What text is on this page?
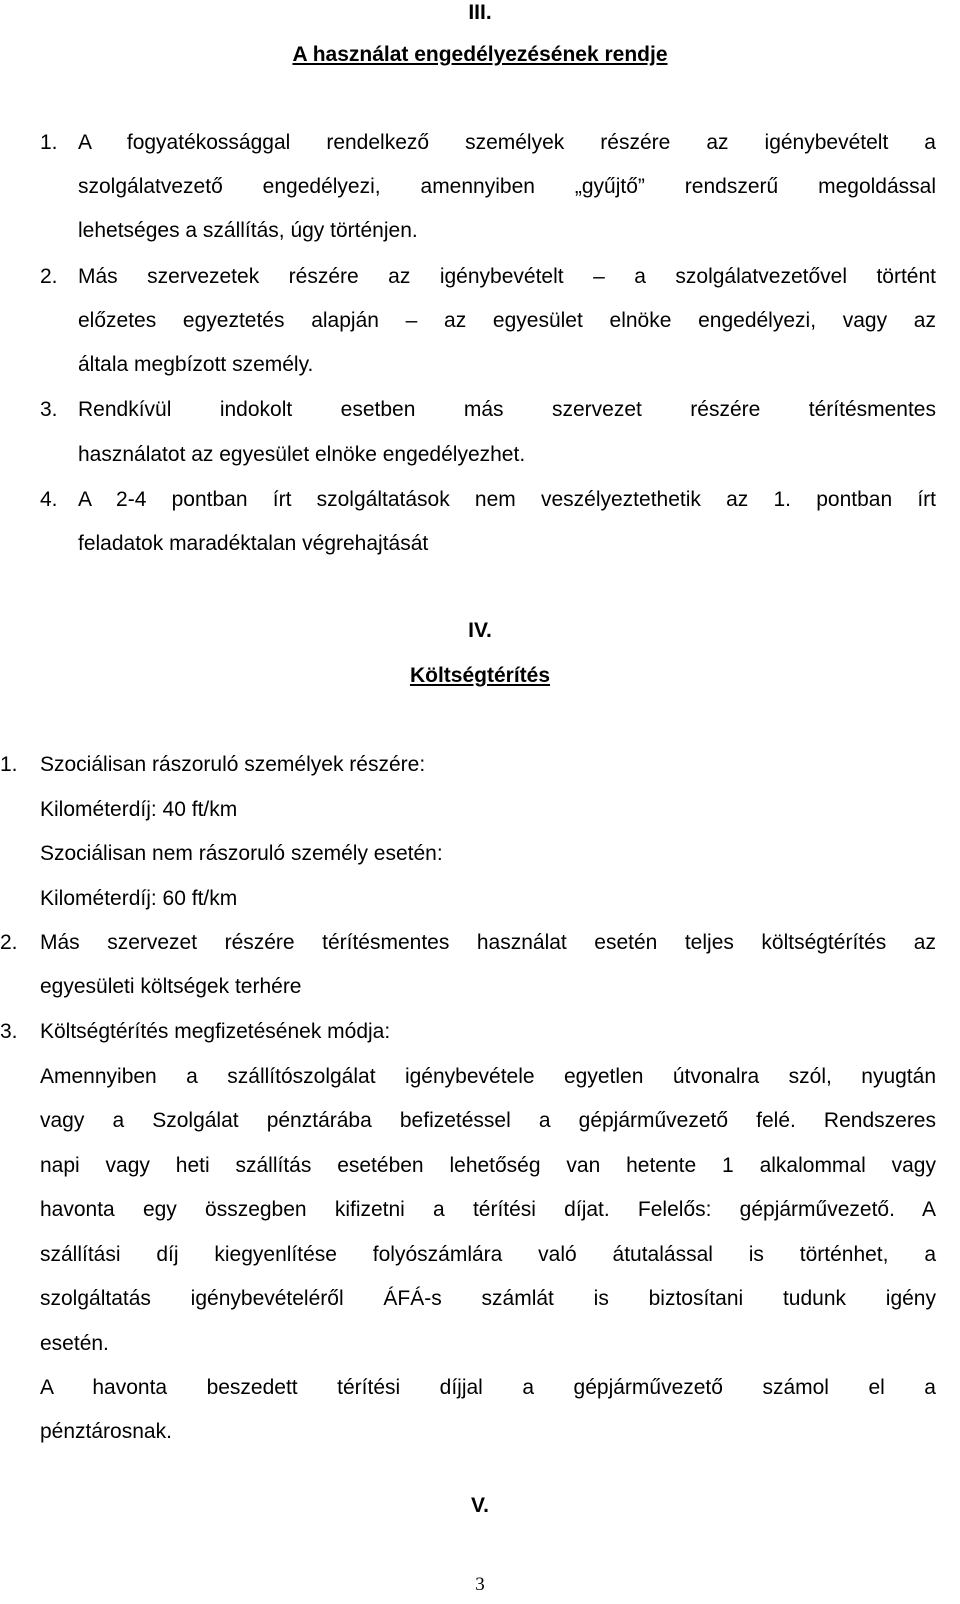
III.
A használat engedélyezésének rendje
1. A fogyatékossággal rendelkező személyek részére az igénybevételt a
szolgálatvezető engedélyezi, amennyiben „gyűjtő” rendszerű megoldással
lehetséges a szállítás, úgy történjen.
2. Más szervezetek részére az igénybevételt – a szolgálatvezetővel történt
előzetes egyeztetés alapján – az egyesület elnöke engedélyezi, vagy az
általa megbízott személy.
3. Rendkívül indokolt esetben más szervezet részére térítésmentes
használatot az egyesület elnöke engedélyezhet.
4. A 2-4 pontban írt szolgáltatások nem veszélyeztethetik az 1. pontban írt
feladatok maradéktalan végrehajtását
IV.
Költségtérítés
1. Szociálisan rászoruló személyek részére:
Kilométerdíj: 40 ft/km
Szociálisan nem rászoruló személy esetén:
Kilométerdíj: 60 ft/km
2. Más szervezet részére térítésmentes használat esetén teljes költségtérítés az
egyesületi költségek terhére
3. Költségtérítés megfizetésének módja:
Amennyiben a szállítószolgálat igénybevétele egyetlen útvonalra szól, nyugtán
vagy a Szolgálat pénztárába befizetéssel a gépjárművezető felé. Rendszeres
napi vagy heti szállítás esetében lehetőség van hetente 1 alkalommal vagy
havonta egy összegben kifizetni a térítési díjat. Felelős: gépjárművezető. A
szállítási díj kiegyenlítése folyószámlára való átutalással is történhet, a
szolgáltatás igénybevételéről ÁFÁ-s számlát is biztosítani tudunk igény
esetén.
A havonta beszedett térítési díjjal a gépjárművezető számol el a
pénztárosnak.
V.
3
